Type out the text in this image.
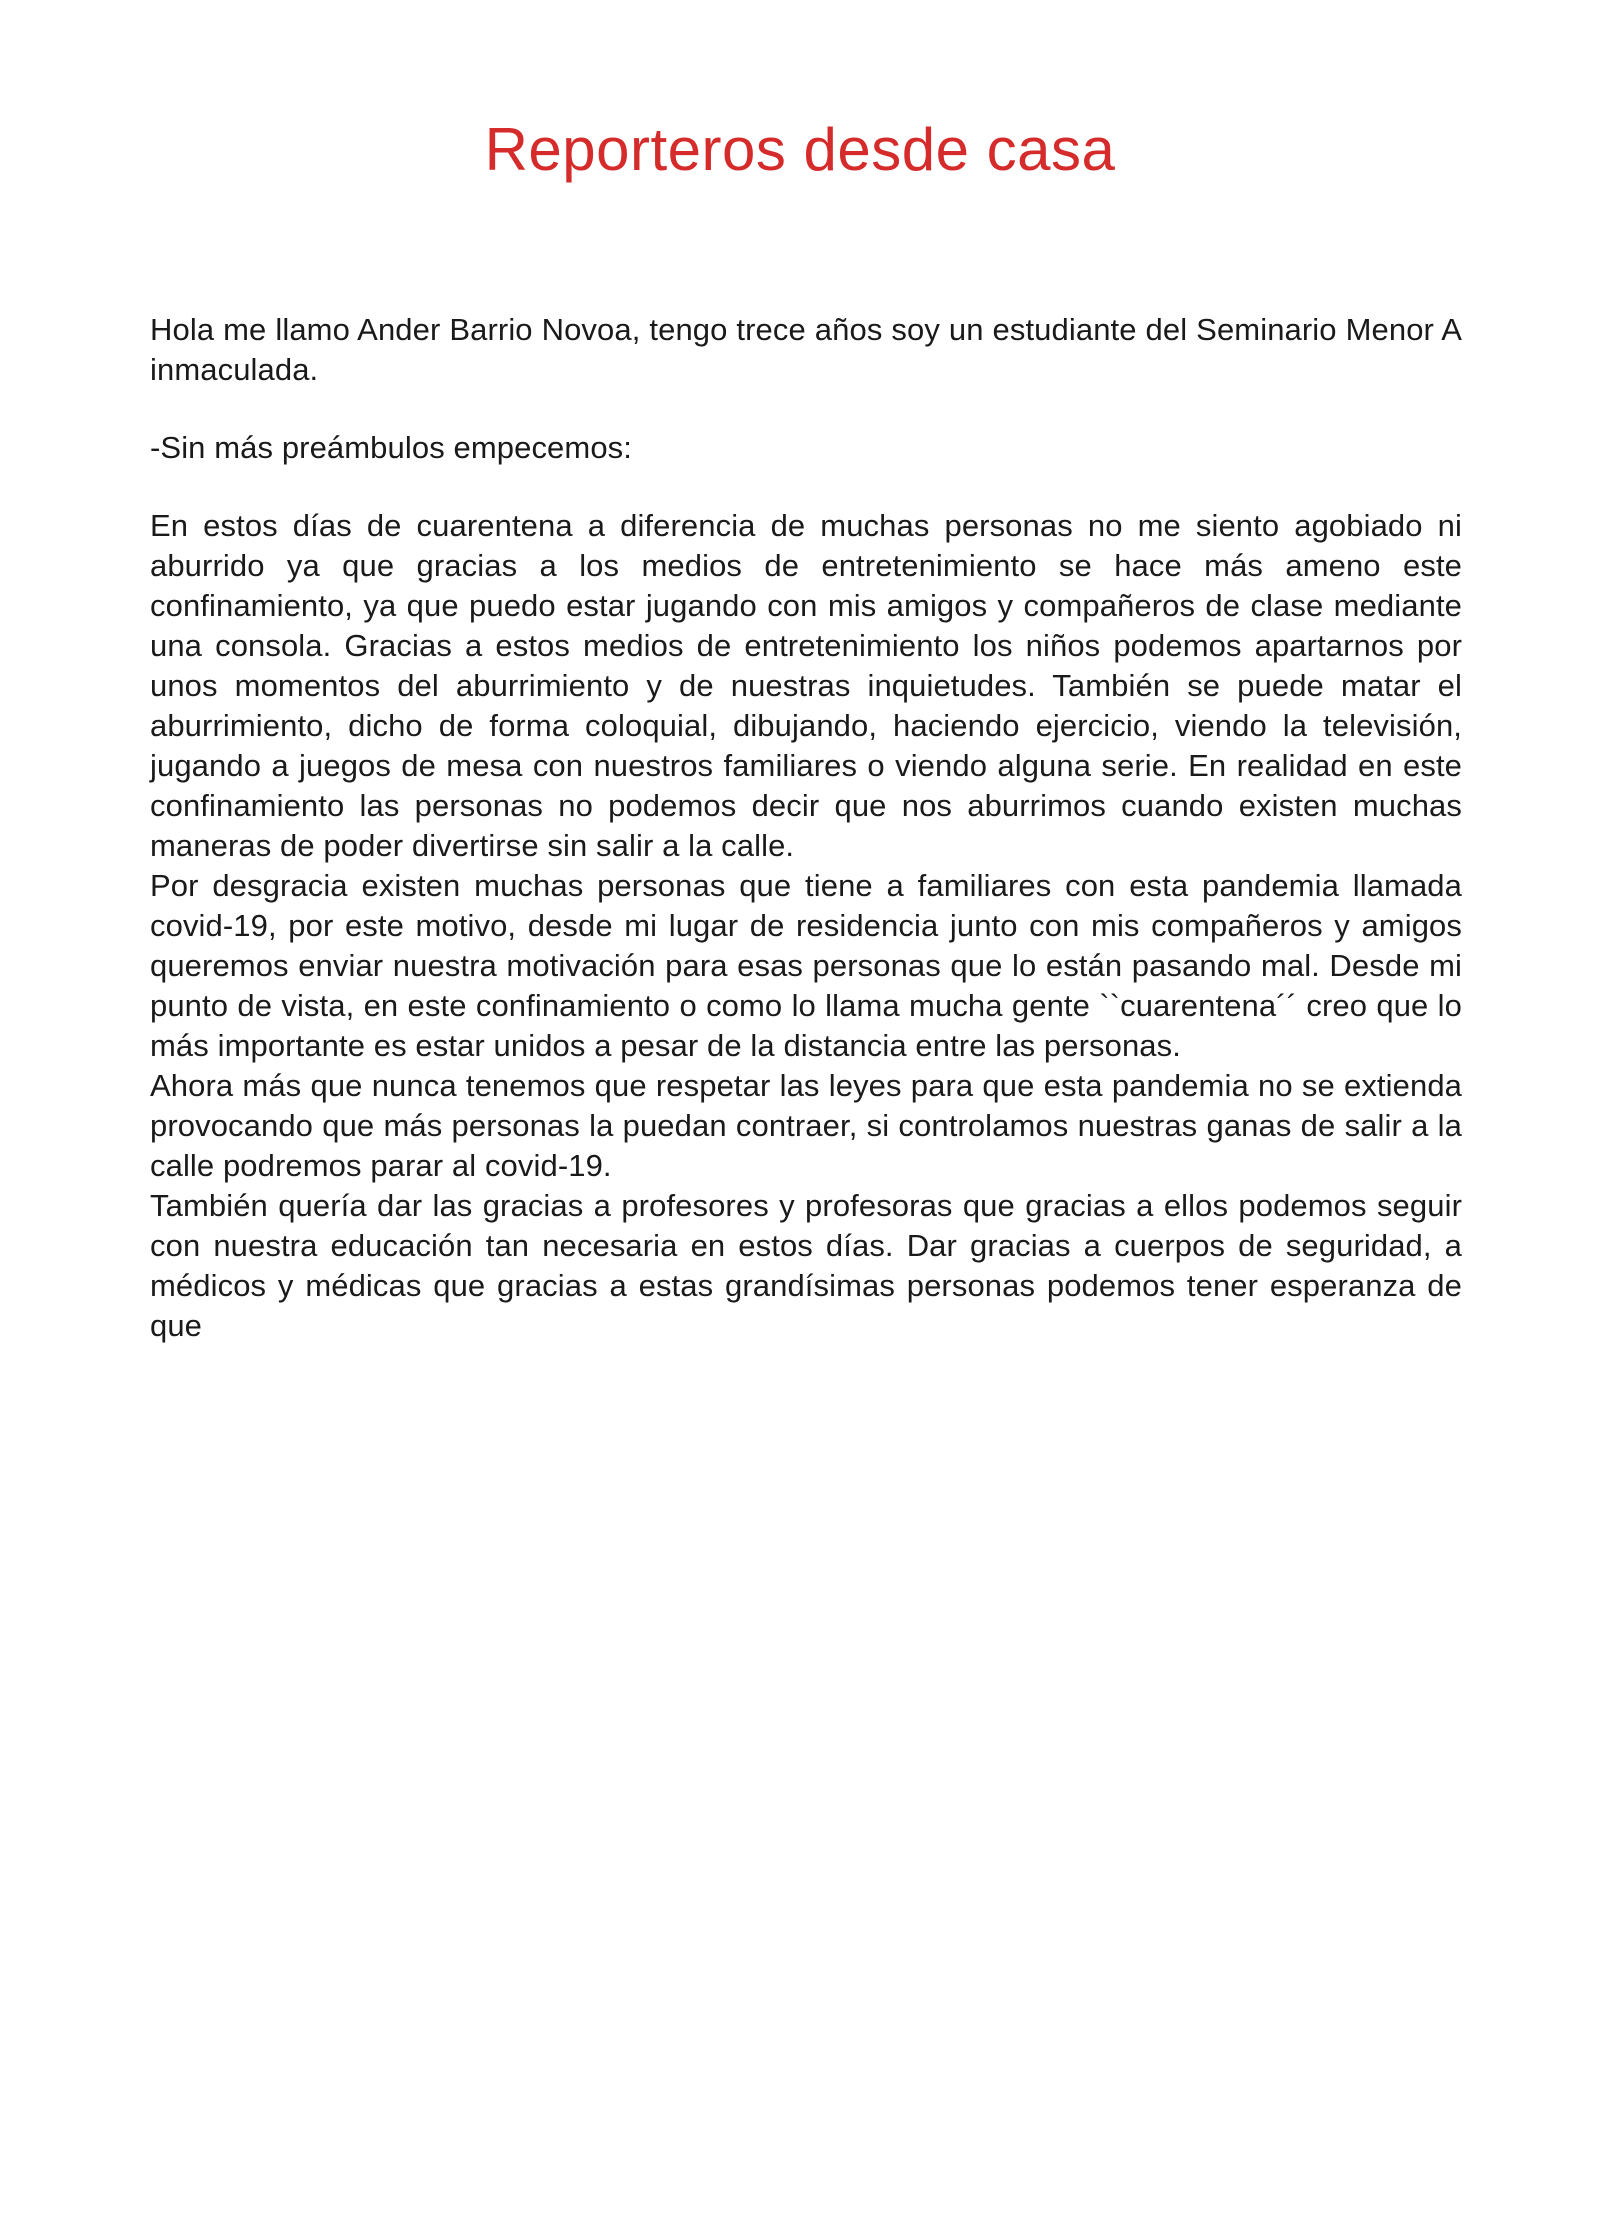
Reporteros desde casa

Hola me llamo Ander Barrio Novoa, tengo trece años soy un estudiante del Seminario Menor A inmaculada.

-Sin más preámbulos empecemos:

En estos días de cuarentena a diferencia de muchas personas no me siento agobiado ni aburrido ya que gracias a los medios de entretenimiento se hace más ameno este confinamiento, ya que puedo estar jugando con mis amigos y compañeros de clase mediante una consola. Gracias a estos medios de entretenimiento los niños podemos apartarnos por unos momentos del aburrimiento y de nuestras inquietudes. También se puede matar el aburrimiento, dicho de forma coloquial, dibujando, haciendo ejercicio, viendo la televisión, jugando a juegos de mesa con nuestros familiares o viendo alguna serie. En realidad en este confinamiento las personas no podemos decir que nos aburrimos cuando existen muchas maneras de poder divertirse sin salir a la calle.

Por desgracia existen muchas personas que tiene a familiares con esta pandemia llamada covid-19, por este motivo, desde mi lugar de residencia junto con mis compañeros y amigos queremos enviar nuestra motivación para esas personas que lo están pasando mal. Desde mi punto de vista, en este confinamiento o como lo llama mucha gente ``cuarentena´´ creo que lo más importante es estar unidos a pesar de la distancia entre las personas.

Ahora más que nunca tenemos que respetar las leyes para que esta pandemia no se extienda provocando que más personas la puedan contraer, si controlamos nuestras ganas de salir a la calle podremos parar al covid-19.

También quería dar las gracias a profesores y profesoras que gracias a ellos podemos seguir con nuestra educación tan necesaria en estos días. Dar gracias a cuerpos de seguridad, a médicos y médicas que gracias a estas grandísimas personas podemos tener esperanza de que
